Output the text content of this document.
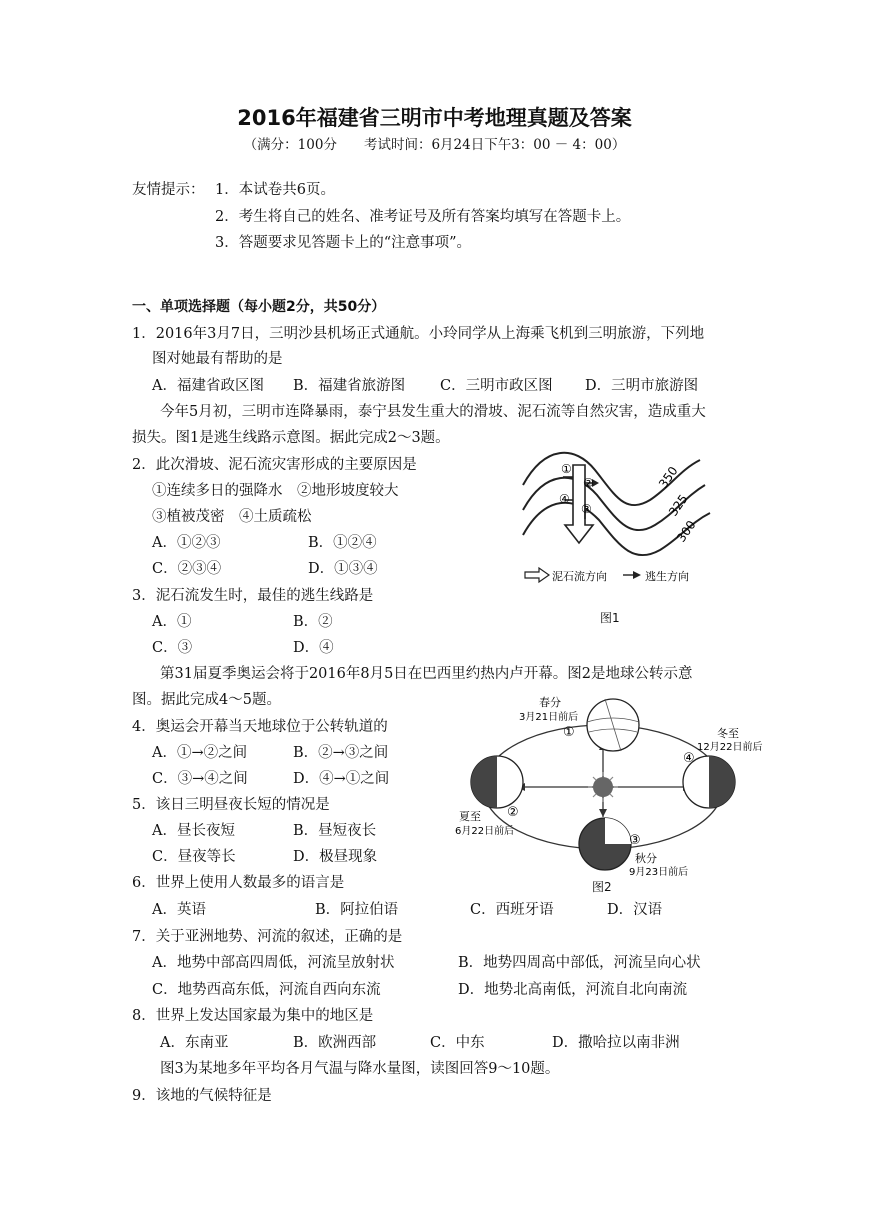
2016年福建省三明市中考地理真题及答案
（满分：100分　　考试时间：6月24日下午3：00 － 4：00）
友情提示： 1．本试卷共6页。
2．考生将自己的姓名、准考证号及所有答案均填写在答题卡上。
3．答题要求见答题卡上的“注意事项”。
一、单项选择题（每小题2分，共50分）
1．2016年3月7日，三明沙县机场正式通航。小玲同学从上海乘飞机到三明旅游，下列地
图对她最有帮助的是
A．福建省政区图 B．福建省旅游图 C．三明市政区图 D．三明市旅游图
今年5月初，三明市连降暴雨，泰宁县发生重大的滑坡、泥石流等自然灾害，造成重大
损失。图1是逃生线路示意图。据此完成2～3题。
2．此次滑坡、泥石流灾害形成的主要原因是
①连续多日的强降水　②地形坡度较大
③植被茂密　④土质疏松
A．①②③	B．①②④
C．②③④	D．①③④
3．泥石流发生时，最佳的逃生线路是
A．①	B．②
C．③	D．④
350
325
300
①
②
③
④
泥石流方向	逃生方向
图1
第31届夏季奥运会将于2016年8月5日在巴西里约热内卢开幕。图2是地球公转示意
图。据此完成4～5题。
4．奥运会开幕当天地球位于公转轨道的
A．①→②之间	B．②→③之间
C．③→④之间	D．④→①之间
5．该日三明昼夜长短的情况是
A．昼长夜短	B．昼短夜长
C．昼夜等长	D．极昼现象
春分
3月21日前后
冬至
12月22日前后
夏至
6月22日前后
秋分
9月23日前后
①
②
③
④
图2
6．世界上使用人数最多的语言是
A．英语	B．阿拉伯语	C．西班牙语	D．汉语
7．关于亚洲地势、河流的叙述，正确的是
A．地势中部高四周低，河流呈放射状	B．地势四周高中部低，河流呈向心状
C．地势西高东低，河流自西向东流	D．地势北高南低，河流自北向南流
8．世界上发达国家最为集中的地区是
A．东南亚	B．欧洲西部	C．中东	D．撒哈拉以南非洲
图3为某地多年平均各月气温与降水量图，读图回答9～10题。
9．该地的气候特征是
